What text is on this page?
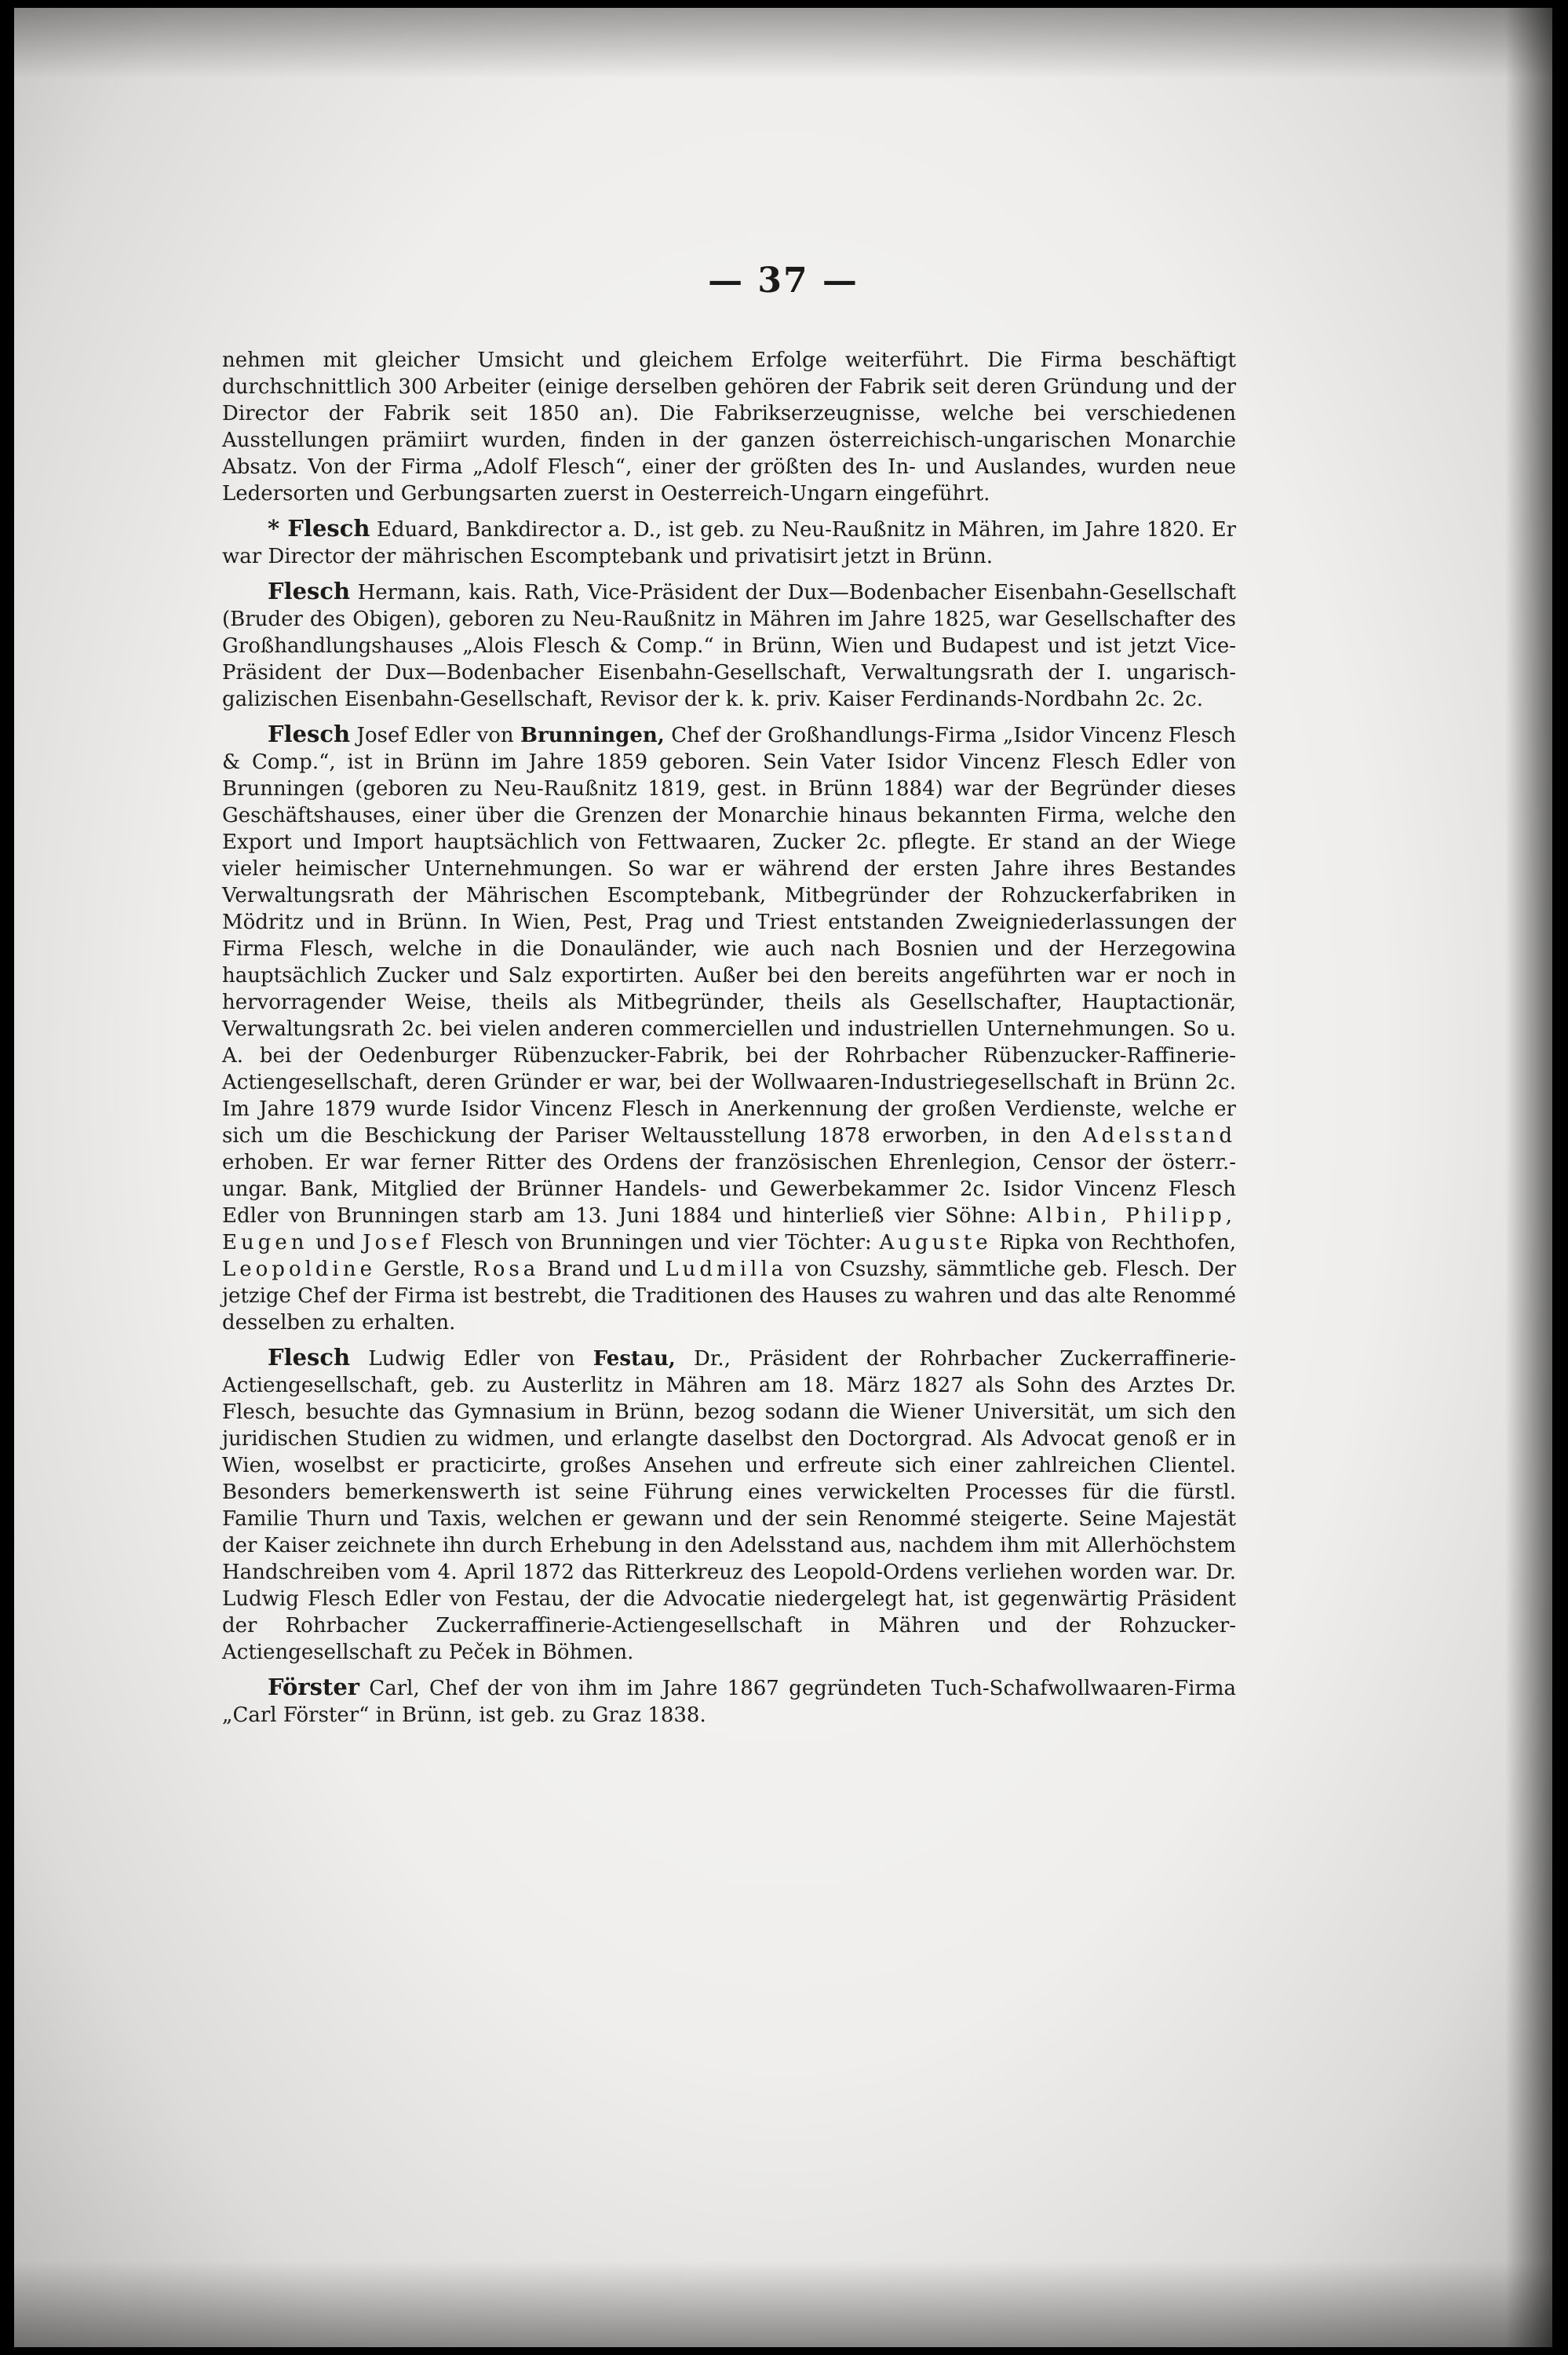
— 37 —

nehmen mit gleicher Umsicht und gleichem Erfolge weiterführt. Die Firma beschäftigt durchschnittlich 300 Arbeiter (einige derselben gehören der Fabrik seit deren Gründung und der Director der Fabrik seit 1850 an). Die Fabrikserzeugnisse, welche bei verschiedenen Ausstellungen prämiirt wurden, finden in der ganzen österreichisch-ungarischen Monarchie Absatz. Von der Firma „Adolf Flesch“, einer der größten des In- und Auslandes, wurden neue Ledersorten und Gerbungsarten zuerst in Oesterreich-Ungarn eingeführt.

* Flesch Eduard, Bankdirector a. D., ist geb. zu Neu-Raußnitz in Mähren, im Jahre 1820. Er war Director der mährischen Escomptebank und privatisirt jetzt in Brünn.

Flesch Hermann, kais. Rath, Vice-Präsident der Dux—Bodenbacher Eisenbahn-Gesellschaft (Bruder des Obigen), geboren zu Neu-Raußnitz in Mähren im Jahre 1825, war Gesellschafter des Großhandlungshauses „Alois Flesch & Comp.“ in Brünn, Wien und Budapest und ist jetzt Vice-Präsident der Dux—Bodenbacher Eisenbahn-Gesellschaft, Verwaltungsrath der I. ungarisch-galizischen Eisenbahn-Gesellschaft, Revisor der k. k. priv. Kaiser Ferdinands-Nordbahn 2c. 2c.

Flesch Josef Edler von Brunningen, Chef der Großhandlungs-Firma „Isidor Vincenz Flesch & Comp.“, ist in Brünn im Jahre 1859 geboren. Sein Vater Isidor Vincenz Flesch Edler von Brunningen (geboren zu Neu-Raußnitz 1819, gest. in Brünn 1884) war der Begründer dieses Geschäftshauses, einer über die Grenzen der Monarchie hinaus bekannten Firma, welche den Export und Import hauptsächlich von Fettwaaren, Zucker 2c. pflegte. Er stand an der Wiege vieler heimischer Unternehmungen. So war er während der ersten Jahre ihres Bestandes Verwaltungsrath der Mährischen Escomptebank, Mitbegründer der Rohzuckerfabriken in Mödritz und in Brünn. In Wien, Pest, Prag und Triest entstanden Zweigniederlassungen der Firma Flesch, welche in die Donauländer, wie auch nach Bosnien und der Herzegowina hauptsächlich Zucker und Salz exportirten. Außer bei den bereits angeführten war er noch in hervorragender Weise, theils als Mitbegründer, theils als Gesellschafter, Hauptactionär, Verwaltungsrath 2c. bei vielen anderen commerciellen und industriellen Unternehmungen. So u. A. bei der Oedenburger Rübenzucker-Fabrik, bei der Rohrbacher Rübenzucker-Raffinerie-Actiengesellschaft, deren Gründer er war, bei der Wollwaaren-Industriegesellschaft in Brünn 2c. Im Jahre 1879 wurde Isidor Vincenz Flesch in Anerkennung der großen Verdienste, welche er sich um die Beschickung der Pariser Weltausstellung 1878 erworben, in den Adelsstand erhoben. Er war ferner Ritter des Ordens der französischen Ehrenlegion, Censor der österr.-ungar. Bank, Mitglied der Brünner Handels- und Gewerbekammer 2c. Isidor Vincenz Flesch Edler von Brunningen starb am 13. Juni 1884 und hinterließ vier Söhne: Albin, Philipp, Eugen und Josef Flesch von Brunningen und vier Töchter: Auguste Ripka von Rechthofen, Leopoldine Gerstle, Rosa Brand und Ludmilla von Csuzshy, sämmtliche geb. Flesch. Der jetzige Chef der Firma ist bestrebt, die Traditionen des Hauses zu wahren und das alte Renommé desselben zu erhalten.

Flesch Ludwig Edler von Festau, Dr., Präsident der Rohrbacher Zuckerraffinerie-Actiengesellschaft, geb. zu Austerlitz in Mähren am 18. März 1827 als Sohn des Arztes Dr. Flesch, besuchte das Gymnasium in Brünn, bezog sodann die Wiener Universität, um sich den juridischen Studien zu widmen, und erlangte daselbst den Doctorgrad. Als Advocat genoß er in Wien, woselbst er practicirte, großes Ansehen und erfreute sich einer zahlreichen Clientel. Besonders bemerkenswerth ist seine Führung eines verwickelten Processes für die fürstl. Familie Thurn und Taxis, welchen er gewann und der sein Renommé steigerte. Seine Majestät der Kaiser zeichnete ihn durch Erhebung in den Adelsstand aus, nachdem ihm mit Allerhöchstem Handschreiben vom 4. April 1872 das Ritterkreuz des Leopold-Ordens verliehen worden war. Dr. Ludwig Flesch Edler von Festau, der die Advocatie niedergelegt hat, ist gegenwärtig Präsident der Rohrbacher Zuckerraffinerie-Actiengesellschaft in Mähren und der Rohzucker-Actiengesellschaft zu Peček in Böhmen.

Förster Carl, Chef der von ihm im Jahre 1867 gegründeten Tuch-Schafwollwaaren-Firma „Carl Förster“ in Brünn, ist geb. zu Graz 1838.
